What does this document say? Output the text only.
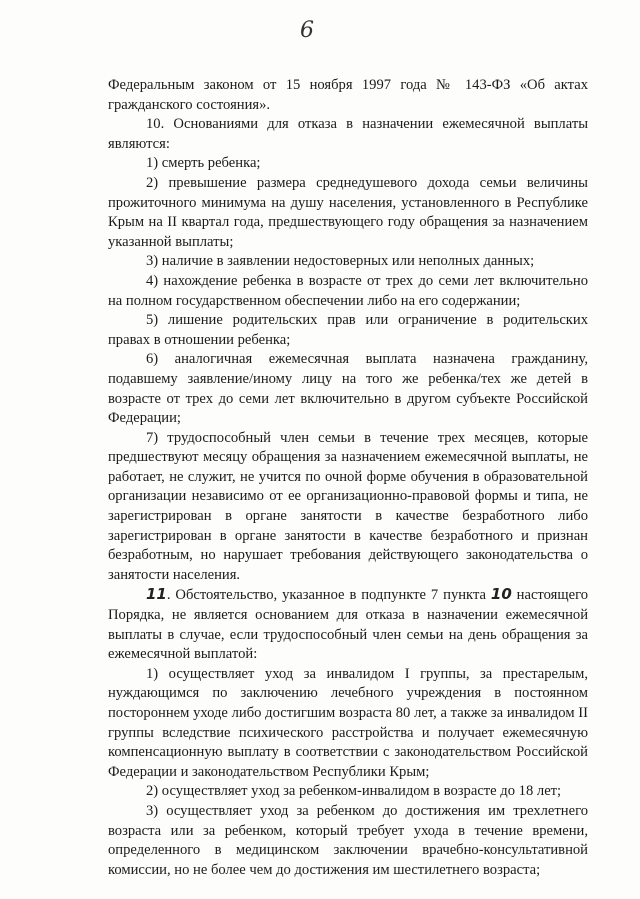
6

Федеральным законом от 15 ноября 1997 года № 143-ФЗ «Об актах гражданского состояния».

10. Основаниями для отказа в назначении ежемесячной выплаты являются:

1) смерть ребенка;

2) превышение размера среднедушевого дохода семьи величины прожиточного минимума на душу населения, установленного в Республике Крым на II квартал года, предшествующего году обращения за назначением указанной выплаты;

3) наличие в заявлении недостоверных или неполных данных;

4) нахождение ребенка в возрасте от трех до семи лет включительно на полном государственном обеспечении либо на его содержании;

5) лишение родительских прав или ограничение в родительских правах в отношении ребенка;

6) аналогичная ежемесячная выплата назначена гражданину, подавшему заявление/иному лицу на того же ребенка/тех же детей в возрасте от трех до семи лет включительно в другом субъекте Российской Федерации;

7) трудоспособный член семьи в течение трех месяцев, которые предшествуют месяцу обращения за назначением ежемесячной выплаты, не работает, не служит, не учится по очной форме обучения в образовательной организации независимо от ее организационно-правовой формы и типа, не зарегистрирован в органе занятости в качестве безработного либо зарегистрирован в органе занятости в качестве безработного и признан безработным, но нарушает требования действующего законодательства о занятости населения.

11. Обстоятельство, указанное в подпункте 7 пункта 10 настоящего Порядка, не является основанием для отказа в назначении ежемесячной выплаты в случае, если трудоспособный член семьи на день обращения за ежемесячной выплатой:

1) осуществляет уход за инвалидом I группы, за престарелым, нуждающимся по заключению лечебного учреждения в постоянном постороннем уходе либо достигшим возраста 80 лет, а также за инвалидом II группы вследствие психического расстройства и получает ежемесячную компенсационную выплату в соответствии с законодательством Российской Федерации и законодательством Республики Крым;

2) осуществляет уход за ребенком-инвалидом в возрасте до 18 лет;

3) осуществляет уход за ребенком до достижения им трехлетнего возраста или за ребенком, который требует ухода в течение времени, определенного в медицинском заключении врачебно-консультативной комиссии, но не более чем до достижения им шестилетнего возраста;
